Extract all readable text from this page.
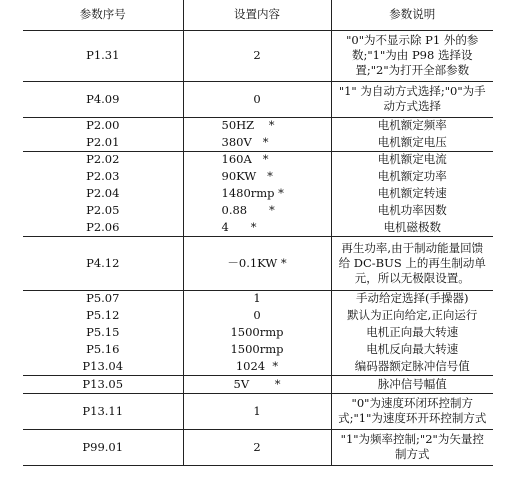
参数序号	设置内容	参数说明
P1.31	2	"0"为不显示除 P1 外的参数;"1"为由 P98 选择设置;"2"为打开全部参数
P4.09	0	"1" 为自动方式选择;"0"为手动方式选择
P2.00	50HZ    *	电机额定频率
P2.01	380V   *	电机额定电压
P2.02	160A   *	电机额定电流
P2.03	90KW   *	电机额定功率
P2.04	1480rmp *	电机额定转速
P2.05	0.88      *	电机功率因数
P2.06	4      *	电机磁极数
P4.12	－0.1KW *	再生功率,由于制动能量回馈给 DC-BUS 上的再生制动单元，所以无极限设置。
P5.07	1	手动给定选择(手操器)
P5.12	0	默认为正向给定,正向运行
P5.15	1500rmp	电机正向最大转速
P5.16	1500rmp	电机反向最大转速
P13.04	1024  *	编码器额定脉冲信号值
P13.05	5V       *	脉冲信号幅值
P13.11	1	"0"为速度环闭环控制方式;"1"为速度环开环控制方式
P99.01	2	"1"为频率控制;"2"为矢量控制方式
